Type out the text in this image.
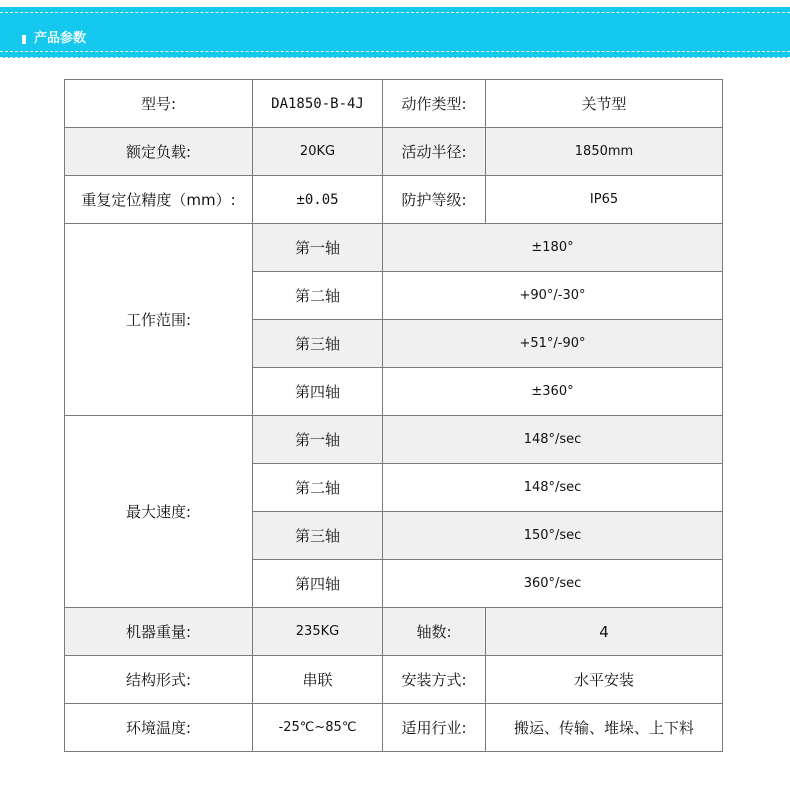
产品参数
型号:	DA1850-B-4J	动作类型:	关节型
额定负载:	20KG	活动半径:	1850mm
重复定位精度（mm）:	±0.05	防护等级:	IP65
工作范围:	第一轴	±180°	
	第二轴	+90°/-30°	
	第三轴	+51°/-90°	
	第四轴	±360°	
最大速度:	第一轴	148°/sec	
	第二轴	148°/sec	
	第三轴	150°/sec	
	第四轴	360°/sec	
机器重量:	235KG	轴数:	4
结构形式:	串联	安装方式:	水平安装
环境温度:	-25℃~85℃	适用行业:	搬运、传输、堆垛、上下料
